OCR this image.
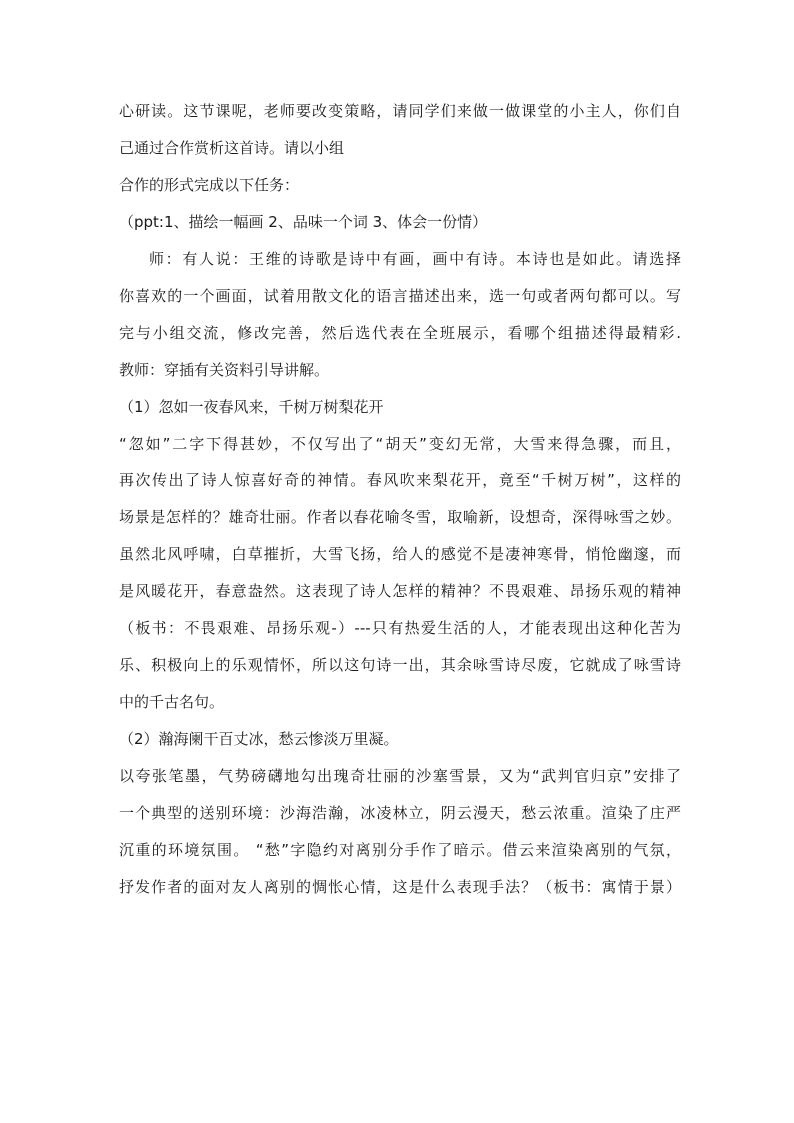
心研读。这节课呢，老师要改变策略，请同学们来做一做课堂的小主人，你们自

己通过合作赏析这首诗。请以小组

合作的形式完成以下任务：

（ppt:1、描绘一幅画 2、品味一个词 3、体会一份情）

师：有人说：王维的诗歌是诗中有画，画中有诗。本诗也是如此。请选择

你喜欢的一个画面，试着用散文化的语言描述出来，选一句或者两句都可以。写

完与小组交流，修改完善，然后选代表在全班展示，看哪个组描述得最精彩.

教师：穿插有关资料引导讲解。

（1）忽如一夜春风来，千树万树梨花开

“忽如”二字下得甚妙，不仅写出了“胡天”变幻无常，大雪来得急骤，而且，

再次传出了诗人惊喜好奇的神情。春风吹来梨花开，竟至“千树万树”，这样的

场景是怎样的？雄奇壮丽。作者以春花喻冬雪，取喻新，设想奇，深得咏雪之妙。

虽然北风呼啸，白草摧折，大雪飞扬，给人的感觉不是凄神寒骨，悄怆幽邃，而

是风暖花开，春意盎然。这表现了诗人怎样的精神？不畏艰难、昂扬乐观的精神

（板书：不畏艰难、昂扬乐观-）---只有热爱生活的人，才能表现出这种化苦为

乐、积极向上的乐观情怀，所以这句诗一出，其余咏雪诗尽废，它就成了咏雪诗

中的千古名句。

（2）瀚海阑干百丈冰，愁云惨淡万里凝。

以夸张笔墨，气势磅礴地勾出瑰奇壮丽的沙塞雪景，又为“武判官归京”安排了

一个典型的送别环境：沙海浩瀚，冰凌林立，阴云漫天，愁云浓重。渲染了庄严

沉重的环境氛围。 “愁”字隐约对离别分手作了暗示。借云来渲染离别的气氛，

抒发作者的面对友人离别的惆怅心情，这是什么表现手法？（板书：寓情于景）
